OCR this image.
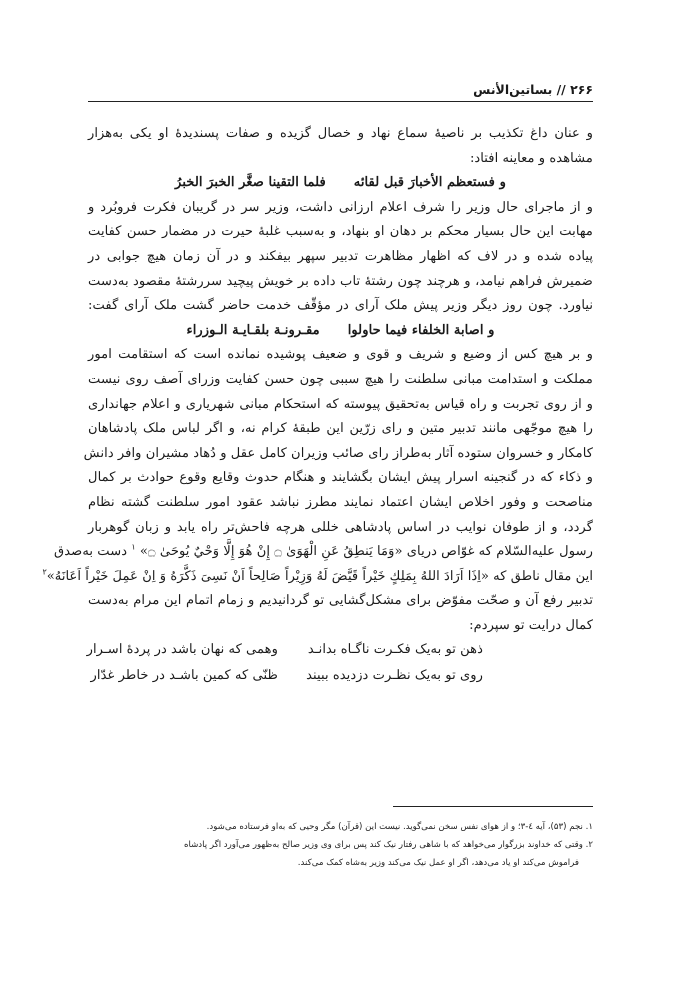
۲۶۶ // بساتین‌الأنس
و عنان داغ تکذیب بر ناصیهٔ سماع نهاد و خصال گزیده و صفات پسندیدهٔ او یکی به‌هزار
مشاهده و معاینه افتاد:
و فستعظم الأخبارَ قبل لقائهفلما التقینا صغَّر الخبرَ الخبرُ
و از ماجرای حال وزیر را شرف اعلام ارزانی داشت، وزیر سر در گریبان فکرت فروبُرد و
مهابت این حال بسیار محکم بر دهان او بنهاد، و به‌سبب غلبهٔ حیرت در مضمار حسن کفایت
پیاده شده و در لاف که اظهار مظاهرت تدبیر سپهر بیفکند و در آن زمان هیچ جوابی در
ضمیرش فراهم نیامد، و هرچند چون رشتهٔ تاب داده بر خویش پیچید سررشتهٔ مقصود به‌دست
نیاورد. چون روز دیگر وزیر پیش ملک آرای در مؤقّف خدمت حاضر گشت ملک آرای گفت:
و اصابة الخلفاء فیما حاولوامقـرونـة بلقـایـة الـوزراء
و بر هیچ کس از وضیع و شریف و قوی و ضعیف پوشیده نمانده است که استقامت امور
مملکت و استدامت مبانی سلطنت را هیچ سببی چون حسن کفایت وزرای آصف روی نیست
و از روی تجربت و راه قیاس به‌تحقیق پیوسته که استحکام مبانی شهریاری و اعلام جهانداری
را هیچ موجّهی مانند تدبیر متین و رای زرّین این طبقهٔ کرام نه، و اگر لباس ملک پادشاهان
کامکار و خسروان ستوده آثار به‌طراز رای صائب وزیران کامل عقل و دُهاد مشیران وافر دانش
و ذکاء که در گنجینه اسرار پیش ایشان بگشایند و هنگام حدوث وقایع وقوع حوادث بر کمال
مناصحت و وفور اخلاص ایشان اعتماد نمایند مطرز نباشد عقود امور سلطنت گشته نظام
گردد، و از طوفان نوایب در اساس پادشاهی خللی هرچه فاحش‌تر راه یابد و زبان گوهربار
رسول علیه‌السّلام که غوّاص دریای «وَمَا یَنطِقُ عَنِ الْهَوَىٰ ۝ إِنْ هُوَ إِلَّا وَحْيٌ يُوحَىٰ ۝» $^۱$ دست به‌صدق
این مقال ناطق که «اِذَا اَرَادَ اللهُ بِمَلِكٍ خَيْراً قَيَّضَ لَهُ وَزِيْراً صَالِحاً اَنْ نَسِىَ ذَكَّرَهُ وَ اِنْ عَمِلَ خَيْراً اَعَانَهُ»$^۲$
تدبیر رفع آن و صحّت مفوّض برای مشکل‌گشایی تو گردانیدیم و زمام اتمام این مرام به‌دست
کمال درایت تو سپردم:
ذهن تو به‌یک فکـرت ناگـاه بدانـد
وهمی که نهان باشد در پردهٔ اسـرار
روی تو به‌یک نظـرت دزدیده ببیند
ظنّی که کمین باشـد در خاطر غدّار
۱. نجم (۵۳)، آیه ٤-۳؛ و از هوای نفس سخن نمی‌گوید. نیست این (قرآن) مگر وحیی که به‌او فرستاده می‌شود.
۲. وقتی که خداوند بزرگوار می‌خواهد که با شاهی رفتار نیک کند پس برای وی وزیر صالح به‌ظهور می‌آورد اگر پادشاه
فراموش می‌کند او یاد می‌دهد، اگر او عمل نیک می‌کند وزیر به‌شاه کمک می‌کند.
